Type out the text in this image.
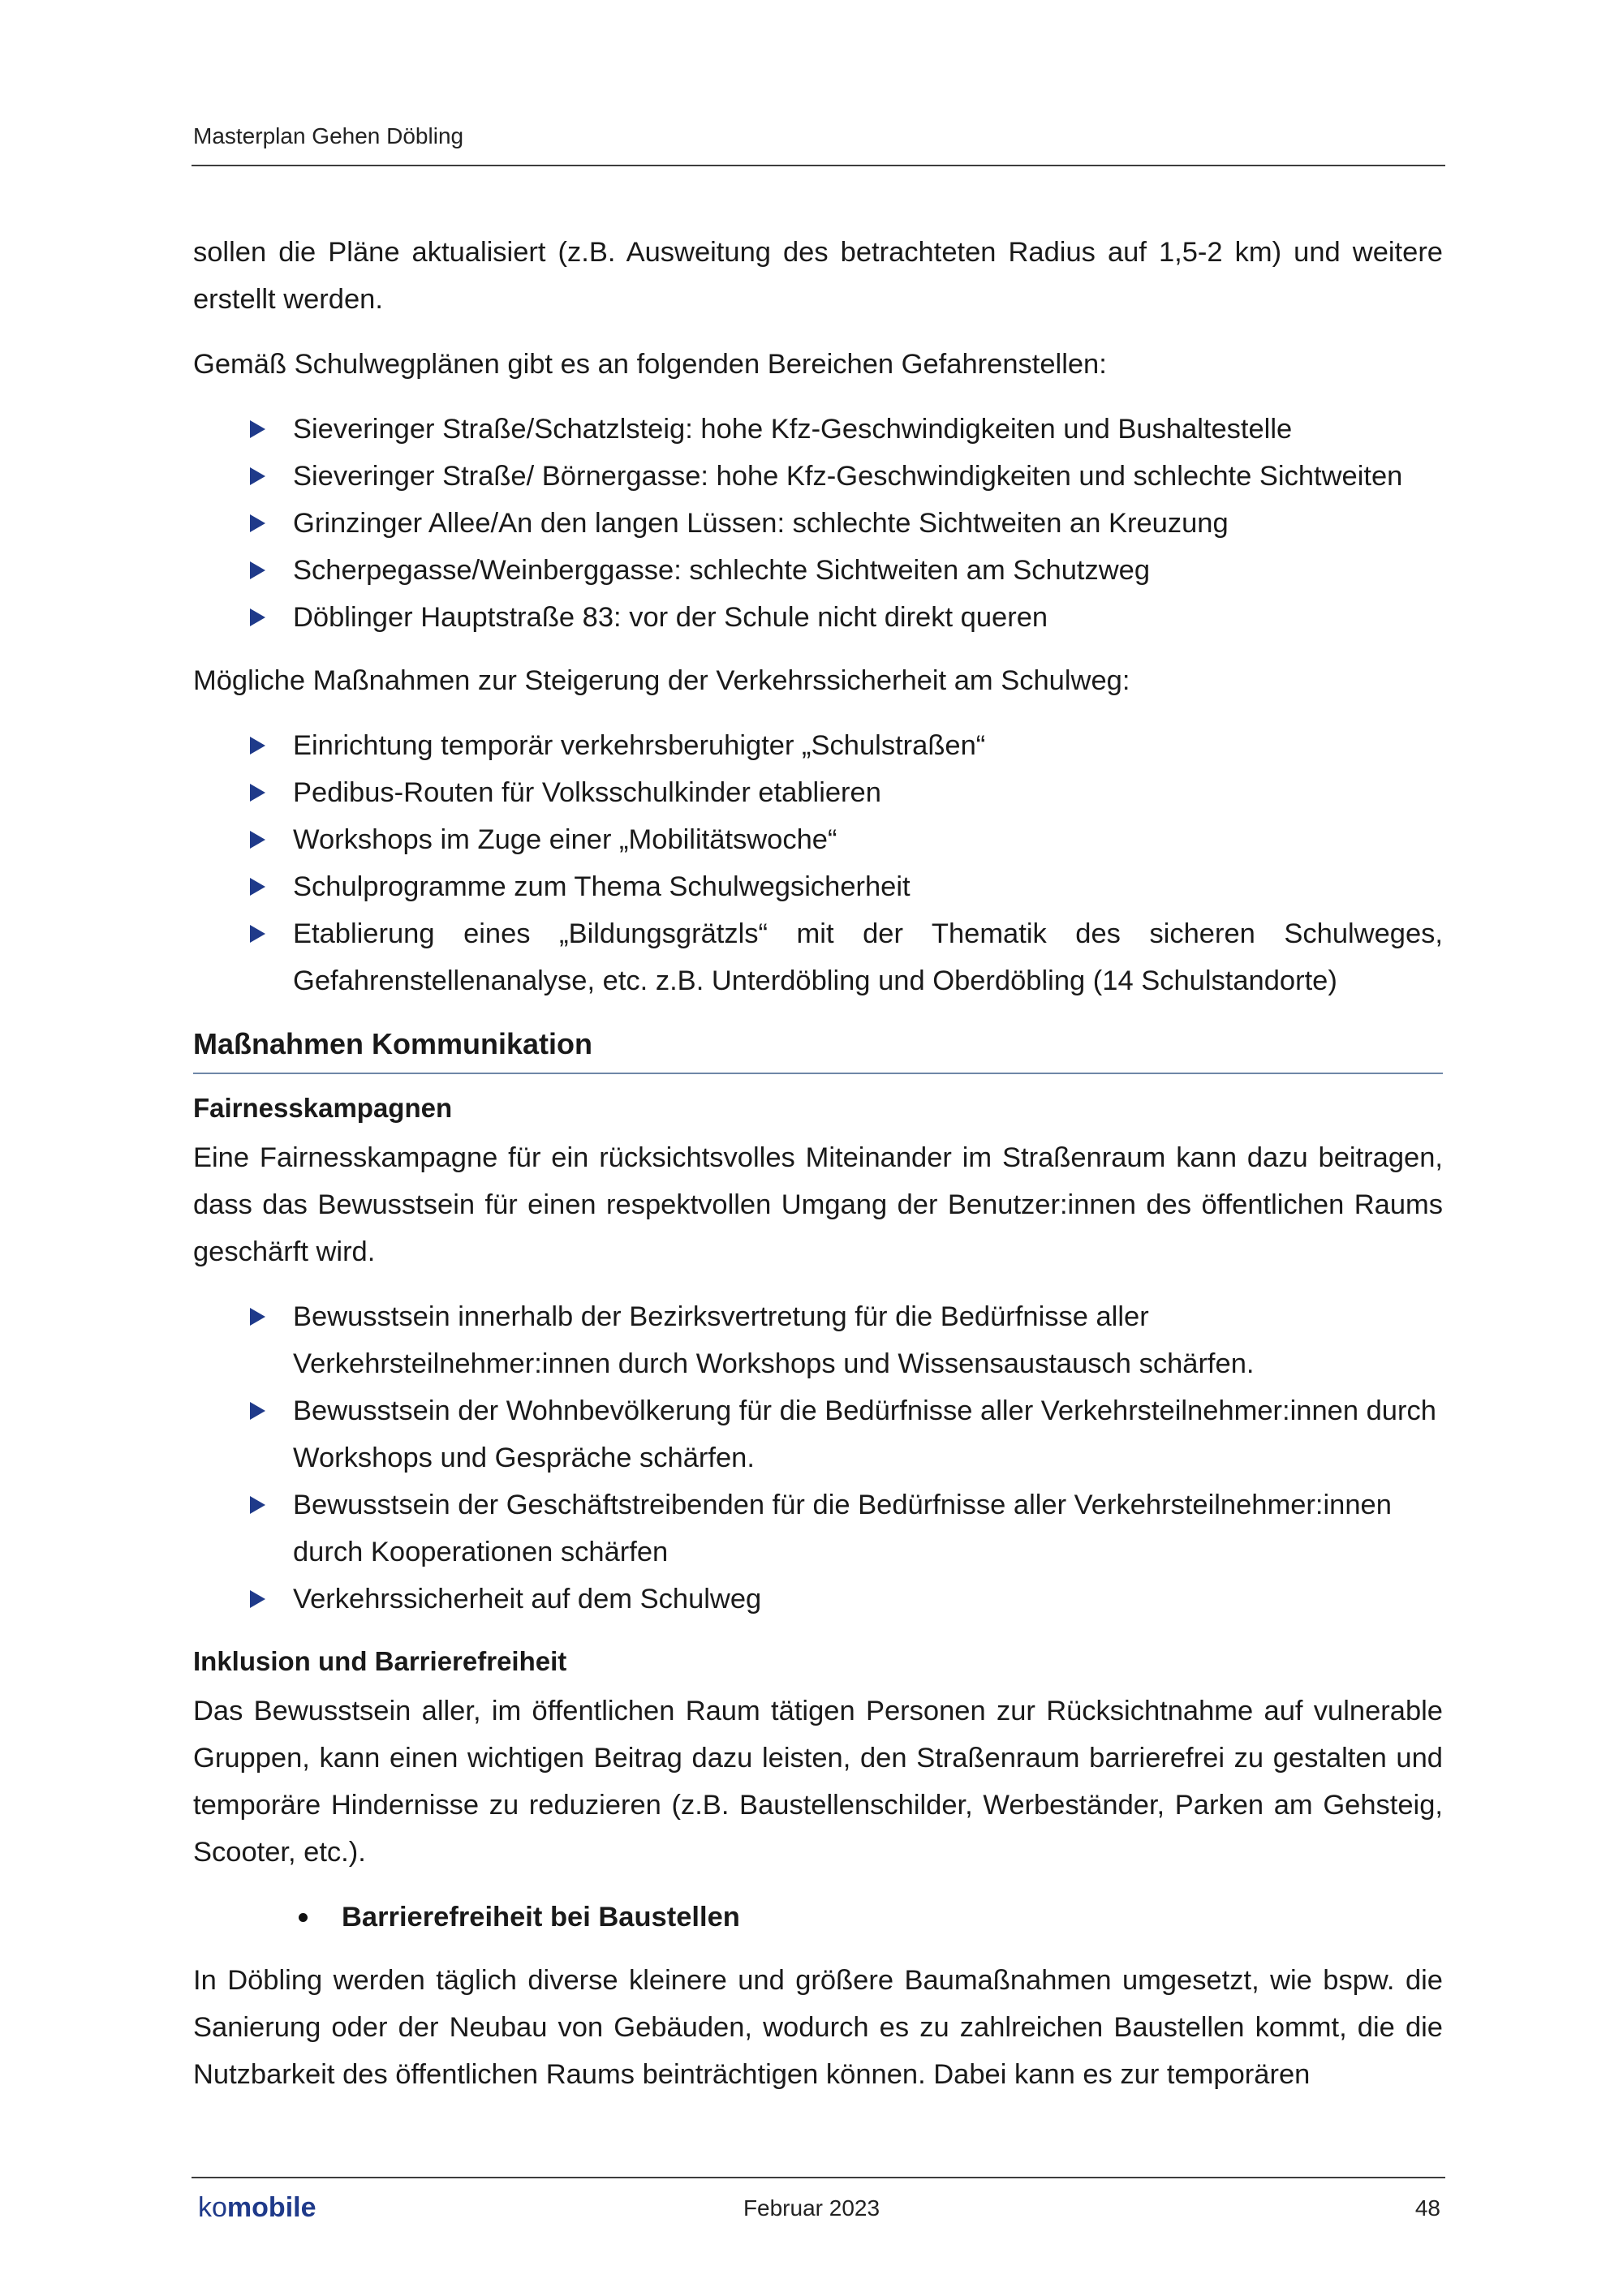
Masterplan Gehen Döbling

sollen die Pläne aktualisiert (z.B. Ausweitung des betrachteten Radius auf 1,5-2 km) und weitere erstellt werden.

Gemäß Schulwegplänen gibt es an folgenden Bereichen Gefahrenstellen:

Sieveringer Straße/Schatzlsteig: hohe Kfz-Geschwindigkeiten und Bushaltestelle
Sieveringer Straße/ Börnergasse: hohe Kfz-Geschwindigkeiten und schlechte Sichtweiten
Grinzinger Allee/An den langen Lüssen: schlechte Sichtweiten an Kreuzung
Scherpegasse/Weinberggasse: schlechte Sichtweiten am Schutzweg
Döblinger Hauptstraße 83: vor der Schule nicht direkt queren

Mögliche Maßnahmen zur Steigerung der Verkehrssicherheit am Schulweg:

Einrichtung temporär verkehrsberuhigter „Schulstraßen“
Pedibus-Routen für Volksschulkinder etablieren
Workshops im Zuge einer „Mobilitätswoche“
Schulprogramme zum Thema Schulwegsicherheit
Etablierung eines „Bildungsgrätzls“ mit der Thematik des sicheren Schulweges, Gefahrenstellenanalyse, etc. z.B. Unterdöbling und Oberdöbling (14 Schulstandorte)
Maßnahmen Kommunikation
Fairnesskampagnen

Eine Fairnesskampagne für ein rücksichtsvolles Miteinander im Straßenraum kann dazu beitragen, dass das Bewusstsein für einen respektvollen Umgang der Benutzer:innen des öffentlichen Raums geschärft wird.

Bewusstsein innerhalb der Bezirksvertretung für die Bedürfnisse aller Verkehrsteilnehmer:innen durch Workshops und Wissensaustausch schärfen.
Bewusstsein der Wohnbevölkerung für die Bedürfnisse aller Verkehrsteilnehmer:innen durch Workshops und Gespräche schärfen.
Bewusstsein der Geschäftstreibenden für die Bedürfnisse aller Verkehrsteilnehmer:innen durch Kooperationen schärfen
Verkehrssicherheit auf dem Schulweg
Inklusion und Barrierefreiheit

Das Bewusstsein aller, im öffentlichen Raum tätigen Personen zur Rücksichtnahme auf vulnerable Gruppen, kann einen wichtigen Beitrag dazu leisten, den Straßenraum barrierefrei zu gestalten und temporäre Hindernisse zu reduzieren (z.B. Baustellenschilder, Werbeständer, Parken am Gehsteig, Scooter, etc.).

Barrierefreiheit bei Baustellen

In Döbling werden täglich diverse kleinere und größere Baumaßnahmen umgesetzt, wie bspw. die Sanierung oder der Neubau von Gebäuden, wodurch es zu zahlreichen Baustellen kommt, die die Nutzbarkeit des öffentlichen Raums beinträchtigen können. Dabei kann es zur temporären

komobile	Februar 2023	48
